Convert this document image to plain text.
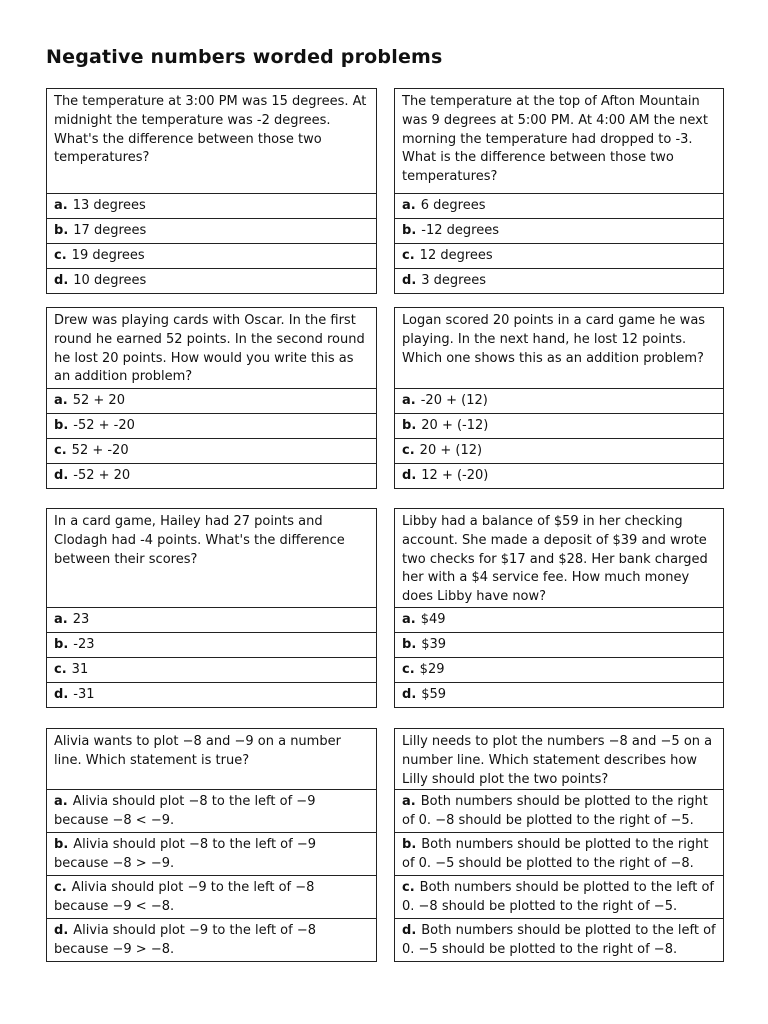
Negative numbers worded problems
The temperature at 3:00 PM was 15 degrees. At midnight the temperature was -2 degrees. What's the difference between those two temperatures?
a . 13 degrees
b . 17 degrees
c . 19 degrees
d . 10 degrees
The temperature at the top of Afton Mountain was 9 degrees at 5:00 PM. At 4:00 AM the next morning the temperature had dropped to -3. What is the difference between those two temperatures?
a . 6 degrees
b . -12 degrees
c . 12 degrees
d . 3 degrees
Drew was playing cards with Oscar. In the first round he earned 52 points. In the second round he lost 20 points. How would you write this as an addition problem?
a . 52 + 20
b . -52 + -20
c . 52 + -20
d . -52 + 20
Logan scored 20 points in a card game he was playing. In the next hand, he lost 12 points. Which one shows this as an addition problem?
a . -20 + (12)
b . 20 + (-12)
c . 20 + (12)
d . 12 + (-20)
In a card game, Hailey had 27 points and Clodagh had -4 points. What's the difference between their scores?
a . 23
b . -23
c . 31
d . -31
Libby had a balance of $59 in her checking account. She made a deposit of $39 and wrote two checks for $17 and $28. Her bank charged her with a $4 service fee. How much money does Libby have now?
a . $49
b . $39
c . $29
d . $59
Alivia wants to plot −8 and −9 on a number line. Which statement is true?
a . Alivia should plot −8 to the left of −9 because −8 < −9.
b . Alivia should plot −8 to the left of −9 because −8 > −9.
c . Alivia should plot −9 to the left of −8 because −9 < −8.
d . Alivia should plot −9 to the left of −8 because −9 > −8.
Lilly needs to plot the numbers −8 and −5 on a number line. Which statement describes how Lilly should plot the two points?
a . Both numbers should be plotted to the right of 0. −8 should be plotted to the right of −5.
b . Both numbers should be plotted to the right of 0. −5 should be plotted to the right of −8.
c . Both numbers should be plotted to the left of 0. −8 should be plotted to the right of −5.
d . Both numbers should be plotted to the left of 0. −5 should be plotted to the right of −8.
